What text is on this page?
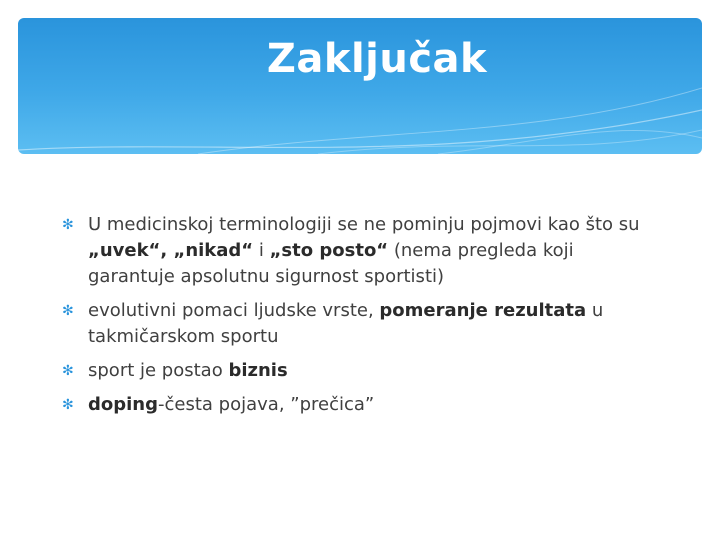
Zaključak
✻ U medicinskoj terminologiji se ne pominju pojmovi kao što su „uvek“, „nikad“ i „sto posto“ (nema pregleda koji garantuje apsolutnu sigurnost sportisti)
✻ evolutivni pomaci ljudske vrste, pomeranje rezultata u takmičarskom sportu
✻ sport je postao biznis
✻ doping-česta pojava, ”prečica”
